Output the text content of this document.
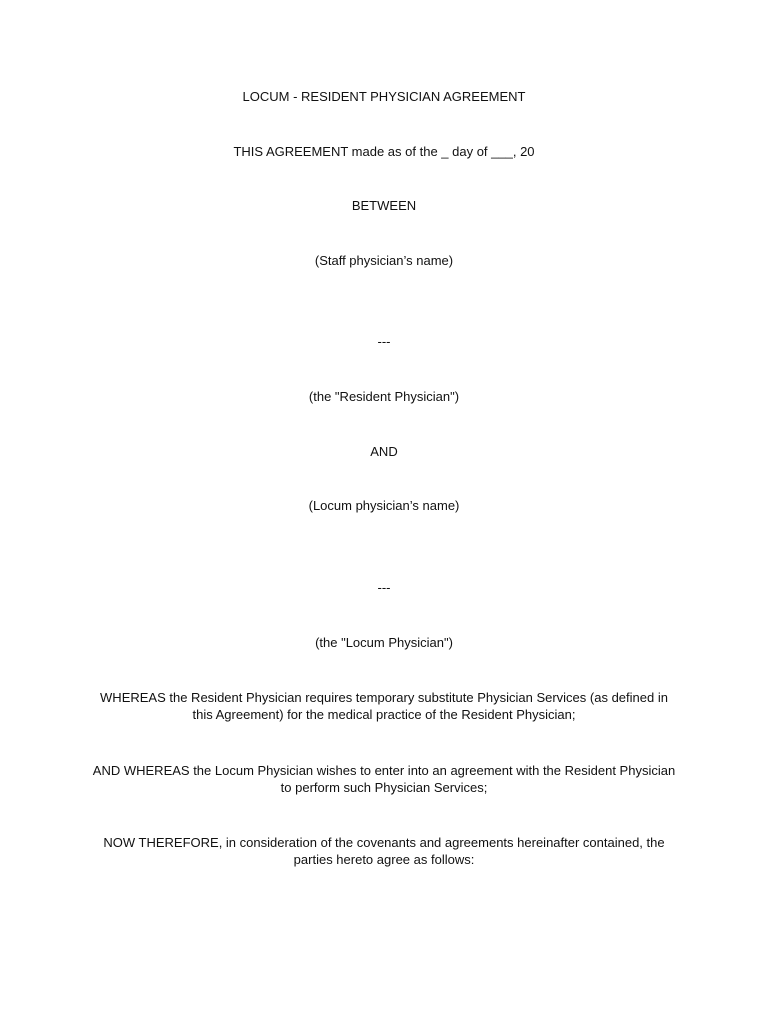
LOCUM - RESIDENT PHYSICIAN AGREEMENT
THIS AGREEMENT made as of the _ day of ___, 20
BETWEEN
(Staff physician’s name)
---
(the "Resident Physician")
AND
(Locum physician’s name)
---
(the "Locum Physician")
WHEREAS the Resident Physician requires temporary substitute Physician Services (as defined in this Agreement) for the medical practice of the Resident Physician;
AND WHEREAS the Locum Physician wishes to enter into an agreement with the Resident Physician to perform such Physician Services;
NOW THEREFORE, in consideration of the covenants and agreements hereinafter contained, the parties hereto agree as follows:
